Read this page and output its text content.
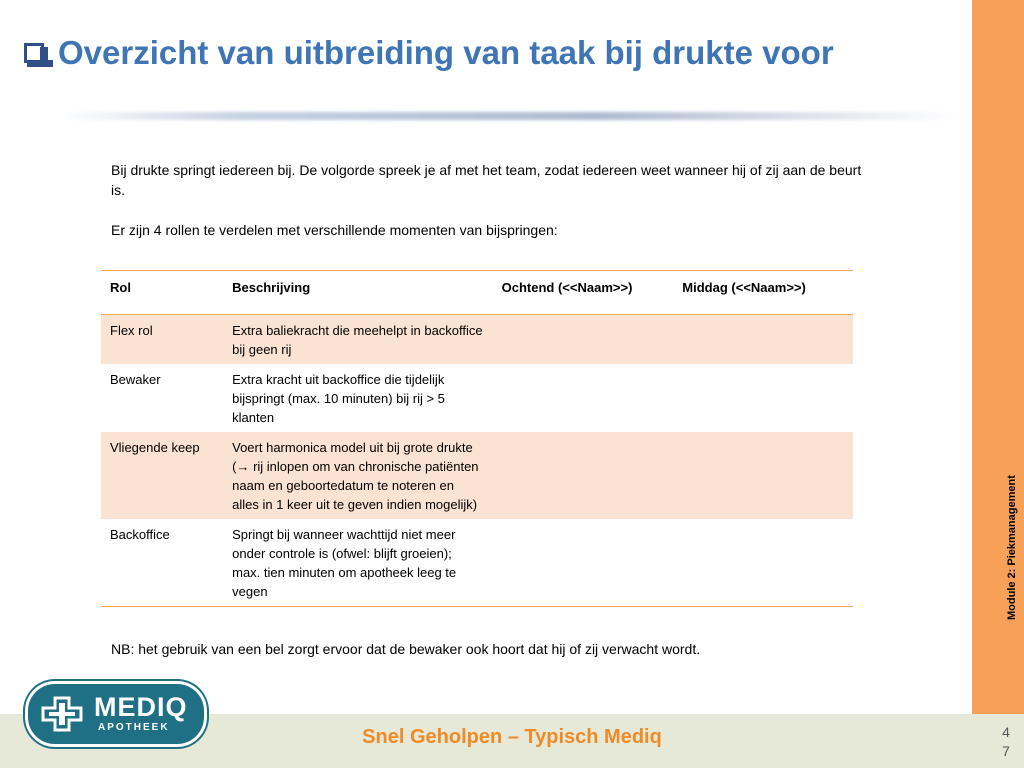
Overzicht van uitbreiding van taak bij drukte voor
Module 2: Piekmanagement

Bij drukte springt iedereen bij. De volgorde spreek je af met het team, zodat iedereen weet wanneer hij of zij aan de beurt is.

Er zijn 4 rollen te verdelen met verschillende momenten van bijspringen:

Rol	Beschrijving	Ochtend (<<Naam>>)	Middag (<<Naam>>)
Flex rol	Extra baliekracht die meehelpt in backoffice bij geen rij		
Bewaker	Extra kracht uit backoffice die tijdelijk bijspringt (max. 10 minuten) bij rij > 5 klanten		
Vliegende keep	Voert harmonica model uit bij grote drukte (→ rij inlopen om van chronische patiënten naam en geboortedatum te noteren en alles in 1 keer uit te geven indien mogelijk)		
Backoffice	Springt bij wanneer wachttijd niet meer onder controle is (ofwel: blijft groeien); max. tien minuten om apotheek leeg te vegen		
NB: het gebruik van een bel zorgt ervoor dat de bewaker ook hoort dat hij of zij verwacht wordt.
Snel Geholpen – Typisch Mediq	4
7
MEDIQ
APOTHEEK
